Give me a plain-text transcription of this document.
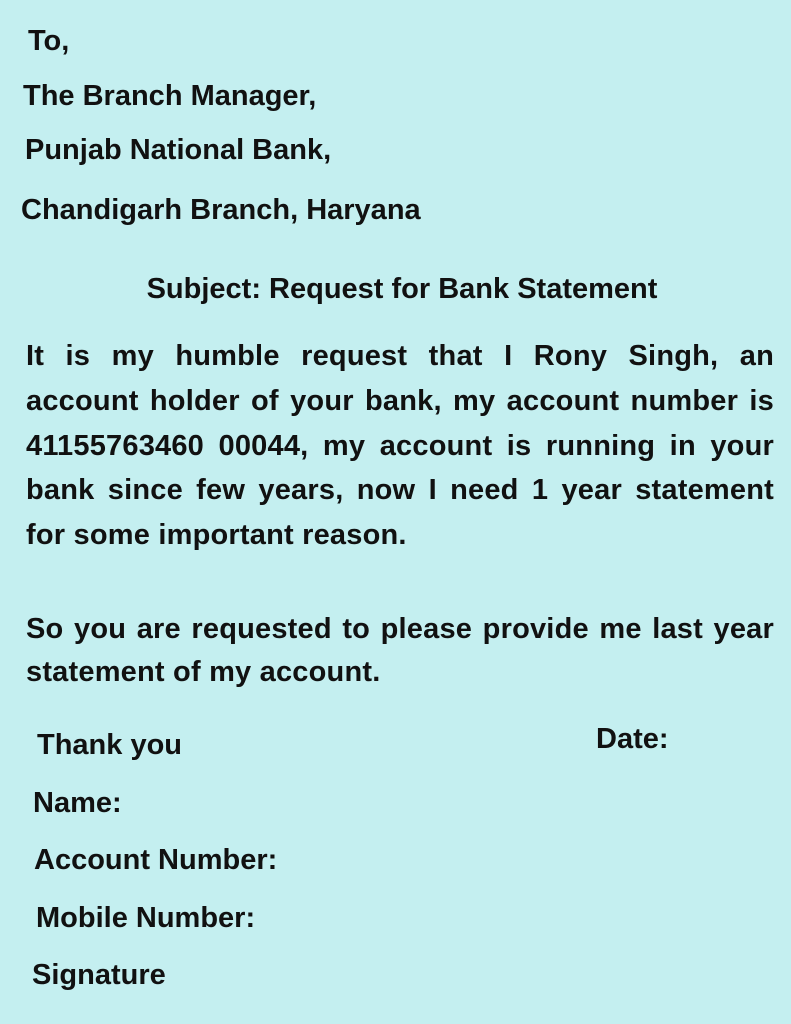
To,

The Branch Manager,

Punjab National Bank,

Chandigarh Branch, Haryana

Subject: Request for Bank Statement

It is my humble request that I Rony Singh, an account holder of your bank, my account number is 41155763460 00044, my account is running in your bank since few years, now I need 1 year statement for some important reason.

So you are requested to please provide me last year statement of my account.

Thank you	Date:

Name:

Account Number:

Mobile Number:

Signature
